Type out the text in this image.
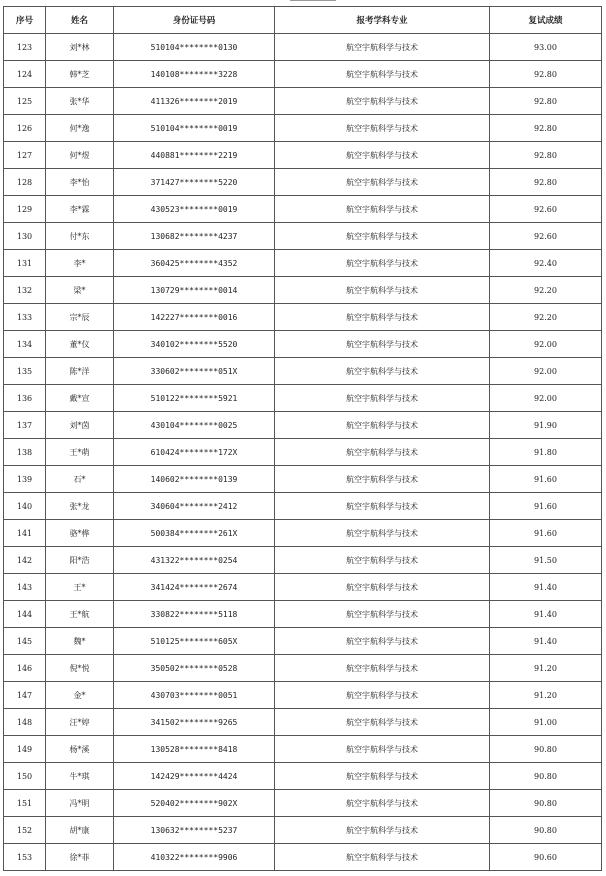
序号	姓名	身份证号码	报考学科专业	复试成绩
123	刘*林	510104********0130	航空宇航科学与技术	93.00
124	韩*芝	140108********3228	航空宇航科学与技术	92.80
125	张*华	411326********2019	航空宇航科学与技术	92.80
126	何*逸	510104********0019	航空宇航科学与技术	92.80
127	何*煜	440881********2219	航空宇航科学与技术	92.80
128	李*怡	371427********5220	航空宇航科学与技术	92.80
129	李*霖	430523********0019	航空宇航科学与技术	92.60
130	付*东	130682********4237	航空宇航科学与技术	92.60
131	李*	360425********4352	航空宇航科学与技术	92.40
132	梁*	130729********0014	航空宇航科学与技术	92.20
133	宗*辰	142227********0016	航空宇航科学与技术	92.20
134	董*仪	340102********5520	航空宇航科学与技术	92.00
135	陈*洋	330602********051X	航空宇航科学与技术	92.00
136	戴*宣	510122********5921	航空宇航科学与技术	92.00
137	刘*茵	430104********0025	航空宇航科学与技术	91.90
138	王*萌	610424********172X	航空宇航科学与技术	91.80
139	石*	140602********0139	航空宇航科学与技术	91.60
140	张*龙	340604********2412	航空宇航科学与技术	91.60
141	骆*桦	500384********261X	航空宇航科学与技术	91.60
142	阳*浩	431322********0254	航空宇航科学与技术	91.50
143	王*	341424********2674	航空宇航科学与技术	91.40
144	王*航	330822********5118	航空宇航科学与技术	91.40
145	魏*	510125********605X	航空宇航科学与技术	91.40
146	倪*悦	350502********0528	航空宇航科学与技术	91.20
147	金*	430703********0051	航空宇航科学与技术	91.20
148	汪*婷	341502********9265	航空宇航科学与技术	91.00
149	杨*溪	130528********8418	航空宇航科学与技术	90.80
150	牛*琪	142429********4424	航空宇航科学与技术	90.80
151	冯*明	520402********902X	航空宇航科学与技术	90.80
152	胡*康	130632********5237	航空宇航科学与技术	90.80
153	徐*菲	410322********9906	航空宇航科学与技术	90.60
